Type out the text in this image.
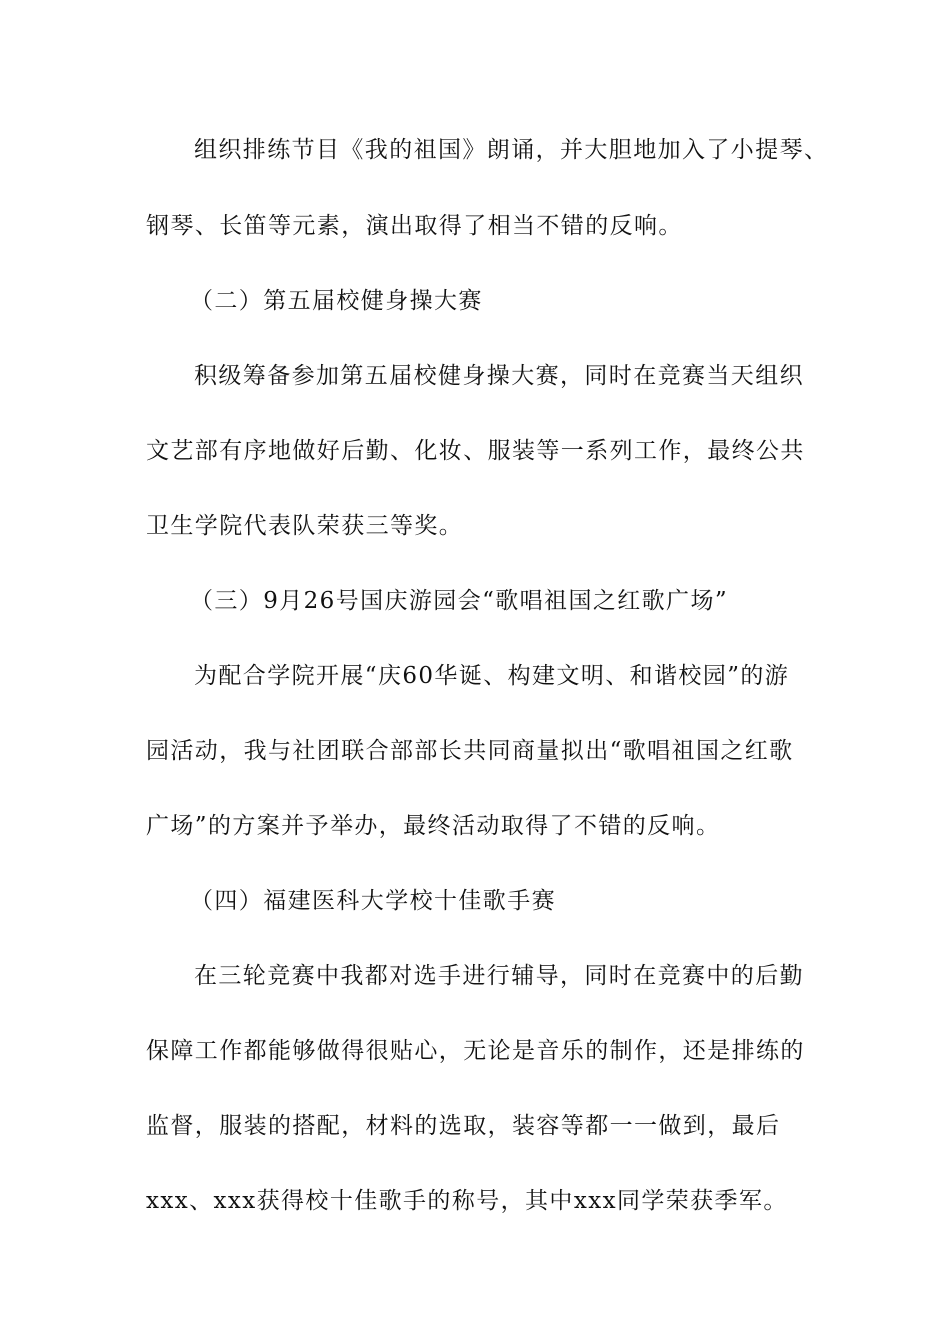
组织排练节目《我的祖国》朗诵，并大胆地加入了小提琴、
钢琴、长笛等元素，演出取得了相当不错的反响。
（二）第五届校健身操大赛
积级筹备参加第五届校健身操大赛，同时在竞赛当天组织
文艺部有序地做好后勤、化妆、服装等一系列工作，最终公共
卫生学院代表队荣获三等奖。
（三）9月26号国庆游园会“歌唱祖国之红歌广场”
为配合学院开展“庆60华诞、构建文明、和谐校园”的游
园活动，我与社团联合部部长共同商量拟出“歌唱祖国之红歌
广场”的方案并予举办，最终活动取得了不错的反响。
（四）福建医科大学校十佳歌手赛
在三轮竞赛中我都对选手进行辅导，同时在竞赛中的后勤
保障工作都能够做得很贴心，无论是音乐的制作，还是排练的
监督，服装的搭配，材料的选取，装容等都一一做到，最后
xxx、xxx获得校十佳歌手的称号，其中xxx同学荣获季军。
